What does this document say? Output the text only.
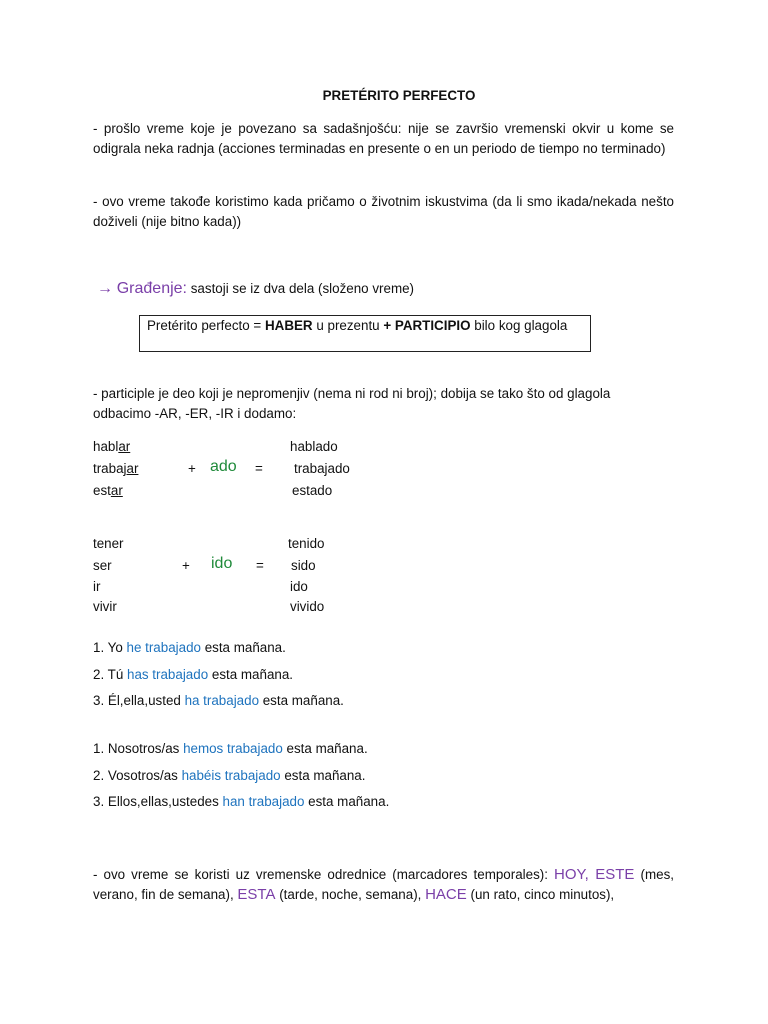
PRETÉRITO PERFECTO
- prošlo vreme koje je povezano sa sadašnjošću: nije se završio vremenski okvir u kome se odigrala neka radnja (acciones terminadas en presente o en un periodo de tiempo no terminado)
- ovo vreme takođe koristimo kada pričamo o životnim iskustvima (da li smo ikada/nekada nešto doživeli (nije bitno kada))
→ Građenje: sastoji se iz dva dela (složeno vreme)
Pretérito perfecto = HABER u prezentu + PARTICIPIO bilo kog glagola
- participle je deo koji je nepromenjiv (nema ni rod ni broj); dobija se tako što od glagola odbacimo -AR, -ER, -IR i dodamo:
hablar	hablado
trabajar	+ ado = trabajado
estar	estado
tener	tenido
ser	+ ido = sido
ir	ido
vivir	vivido
1. Yo he trabajado esta mañana.
2. Tú has trabajado esta mañana.
3. Él,ella,usted ha trabajado esta mañana.
1. Nosotros/as hemos trabajado esta mañana.
2. Vosotros/as habéis trabajado esta mañana.
3. Ellos,ellas,ustedes han trabajado esta mañana.
- ovo vreme se koristi uz vremenske odrednice (marcadores temporales): HOY, ESTE (mes, verano, fin de semana), ESTA (tarde, noche, semana), HACE (un rato, cinco minutos),
